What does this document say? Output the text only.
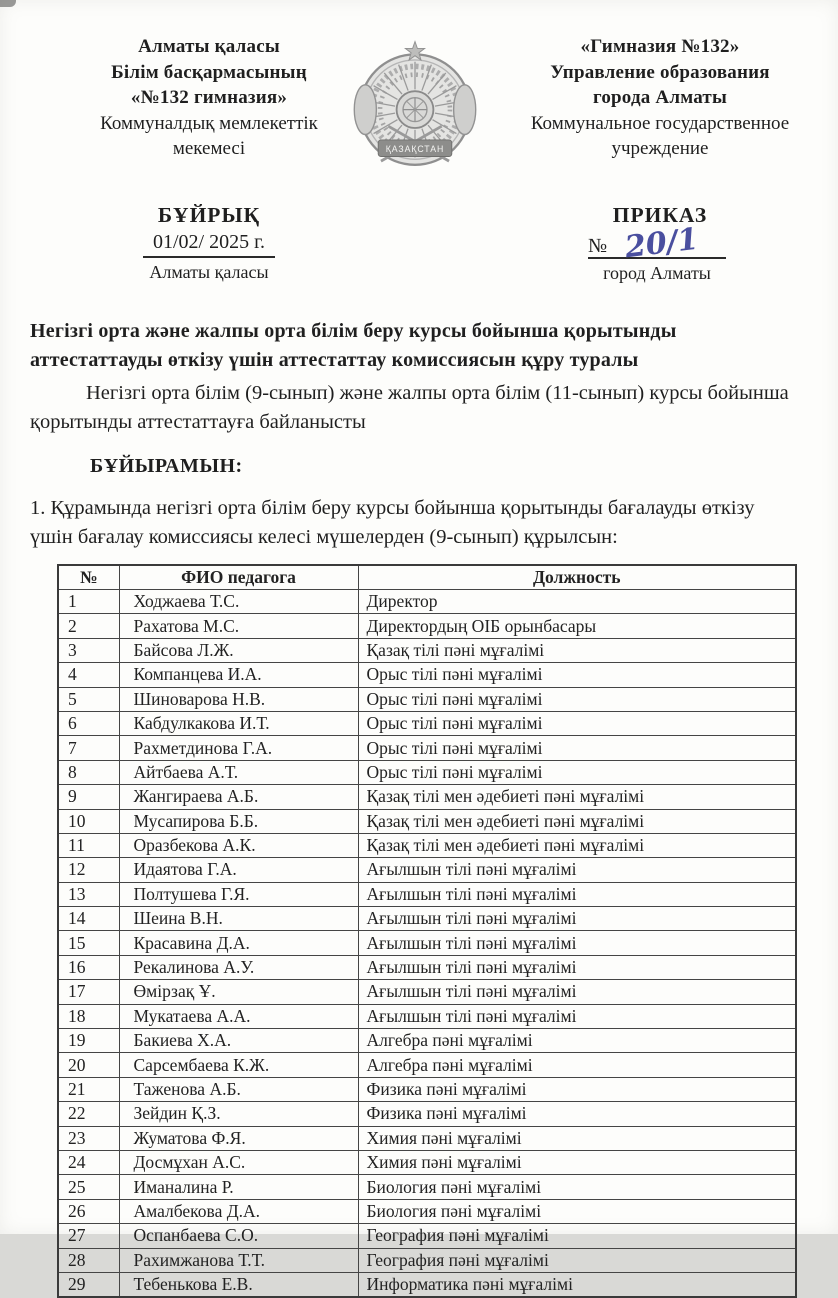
Алматы қаласы
Білім басқармасының
«№132 гимназия»
Коммуналдық мемлекеттік
мекемесі	ҚАЗАҚСТАН
«Гимназия №132»
Управление образования
города Алматы
Коммунальное государственное
учреждение
БҰЙРЫҚ
01/02/ 2025 г.
Алматы қаласы
ПРИКАЗ
№ 20/1
город Алматы
Негізгі орта және жалпы орта білім беру курсы бойынша қорытынды аттестаттауды өткізу үшін аттестаттау комиссиясын құру туралы
Негізгі орта білім (9-сынып) және жалпы орта білім (11-сынып) курсы бойынша қорытынды аттестаттауға байланысты
БҰЙЫРАМЫН:
1. Құрамында негізгі орта білім беру курсы бойынша қорытынды бағалауды өткізу үшін бағалау комиссиясы келесі мүшелерден (9-сынып) құрылсын:
№	ФИО педагога	Должность
1	Ходжаева Т.С.	Директор
2	Рахатова М.С.	Директордың ОІБ орынбасары
3	Байсова Л.Ж.	Қазақ тілі пәні мұғалімі
4	Компанцева И.А.	Орыс тілі пәні мұғалімі
5	Шиноварова Н.В.	Орыс тілі пәні мұғалімі
6	Кабдулкакова И.Т.	Орыс тілі пәні мұғалімі
7	Рахметдинова Г.А.	Орыс тілі пәні мұғалімі
8	Айтбаева А.Т.	Орыс тілі пәні мұғалімі
9	Жангираева А.Б.	Қазақ тілі мен әдебиеті пәні мұғалімі
10	Мусапирова Б.Б.	Қазақ тілі мен әдебиеті пәні мұғалімі
11	Оразбекова А.К.	Қазақ тілі мен әдебиеті пәні мұғалімі
12	Идаятова Г.А.	Ағылшын тілі пәні мұғалімі
13	Полтушева Г.Я.	Ағылшын тілі пәні мұғалімі
14	Шеина В.Н.	Ағылшын тілі пәні мұғалімі
15	Красавина Д.А.	Ағылшын тілі пәні мұғалімі
16	Рекалинова А.У.	Ағылшын тілі пәні мұғалімі
17	Өмірзақ Ұ.	Ағылшын тілі пәні мұғалімі
18	Мукатаева А.А.	Ағылшын тілі пәні мұғалімі
19	Бакиева Х.А.	Алгебра пәні мұғалімі
20	Сарсембаева К.Ж.	Алгебра пәні мұғалімі
21	Таженова А.Б.	Физика пәні мұғалімі
22	Зейдин Қ.З.	Физика пәні мұғалімі
23	Жуматова Ф.Я.	Химия пәні мұғалімі
24	Досмұхан А.С.	Химия пәні мұғалімі
25	Иманалина Р.	Биология пәні мұғалімі
26	Амалбекова Д.А.	Биология пәні мұғалімі
27	Оспанбаева С.О.	География пәні мұғалімі
28	Рахимжанова Т.Т.	География пәні мұғалімі
29	Тебенькова Е.В.	Информатика пәні мұғалімі
